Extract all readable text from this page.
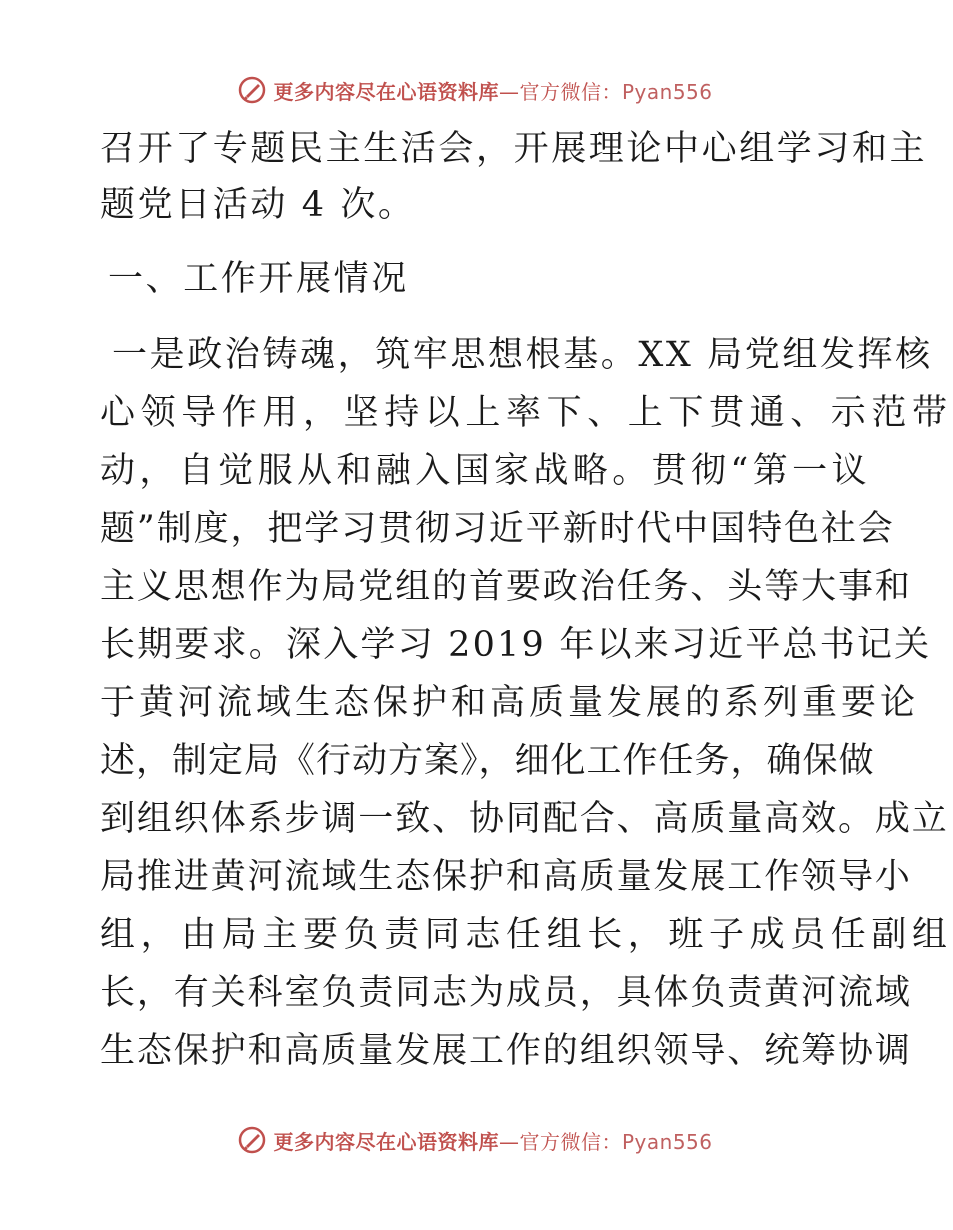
更多内容尽在心语资料库—官方微信：Pyan556
召开了专题民主生活会，开展理论中心组学习和主
题党日活动 4 次。
一、工作开展情况
一是政治铸魂，筑牢思想根基。XX 局党组发挥核
心领导作用，坚持以上率下、上下贯通、示范带
动，自觉服从和融入国家战略。贯彻“第一议
题”制度，把学习贯彻习近平新时代中国特色社会
主义思想作为局党组的首要政治任务、头等大事和
长期要求。深入学习 2019 年以来习近平总书记关
于黄河流域生态保护和高质量发展的系列重要论
述，制定局《行动方案》，细化工作任务，确保做
到组织体系步调一致、协同配合、高质量高效。成立
局推进黄河流域生态保护和高质量发展工作领导小
组，由局主要负责同志任组长，班子成员任副组
长，有关科室负责同志为成员，具体负责黄河流域
生态保护和高质量发展工作的组织领导、统筹协调
更多内容尽在心语资料库—官方微信：Pyan556
